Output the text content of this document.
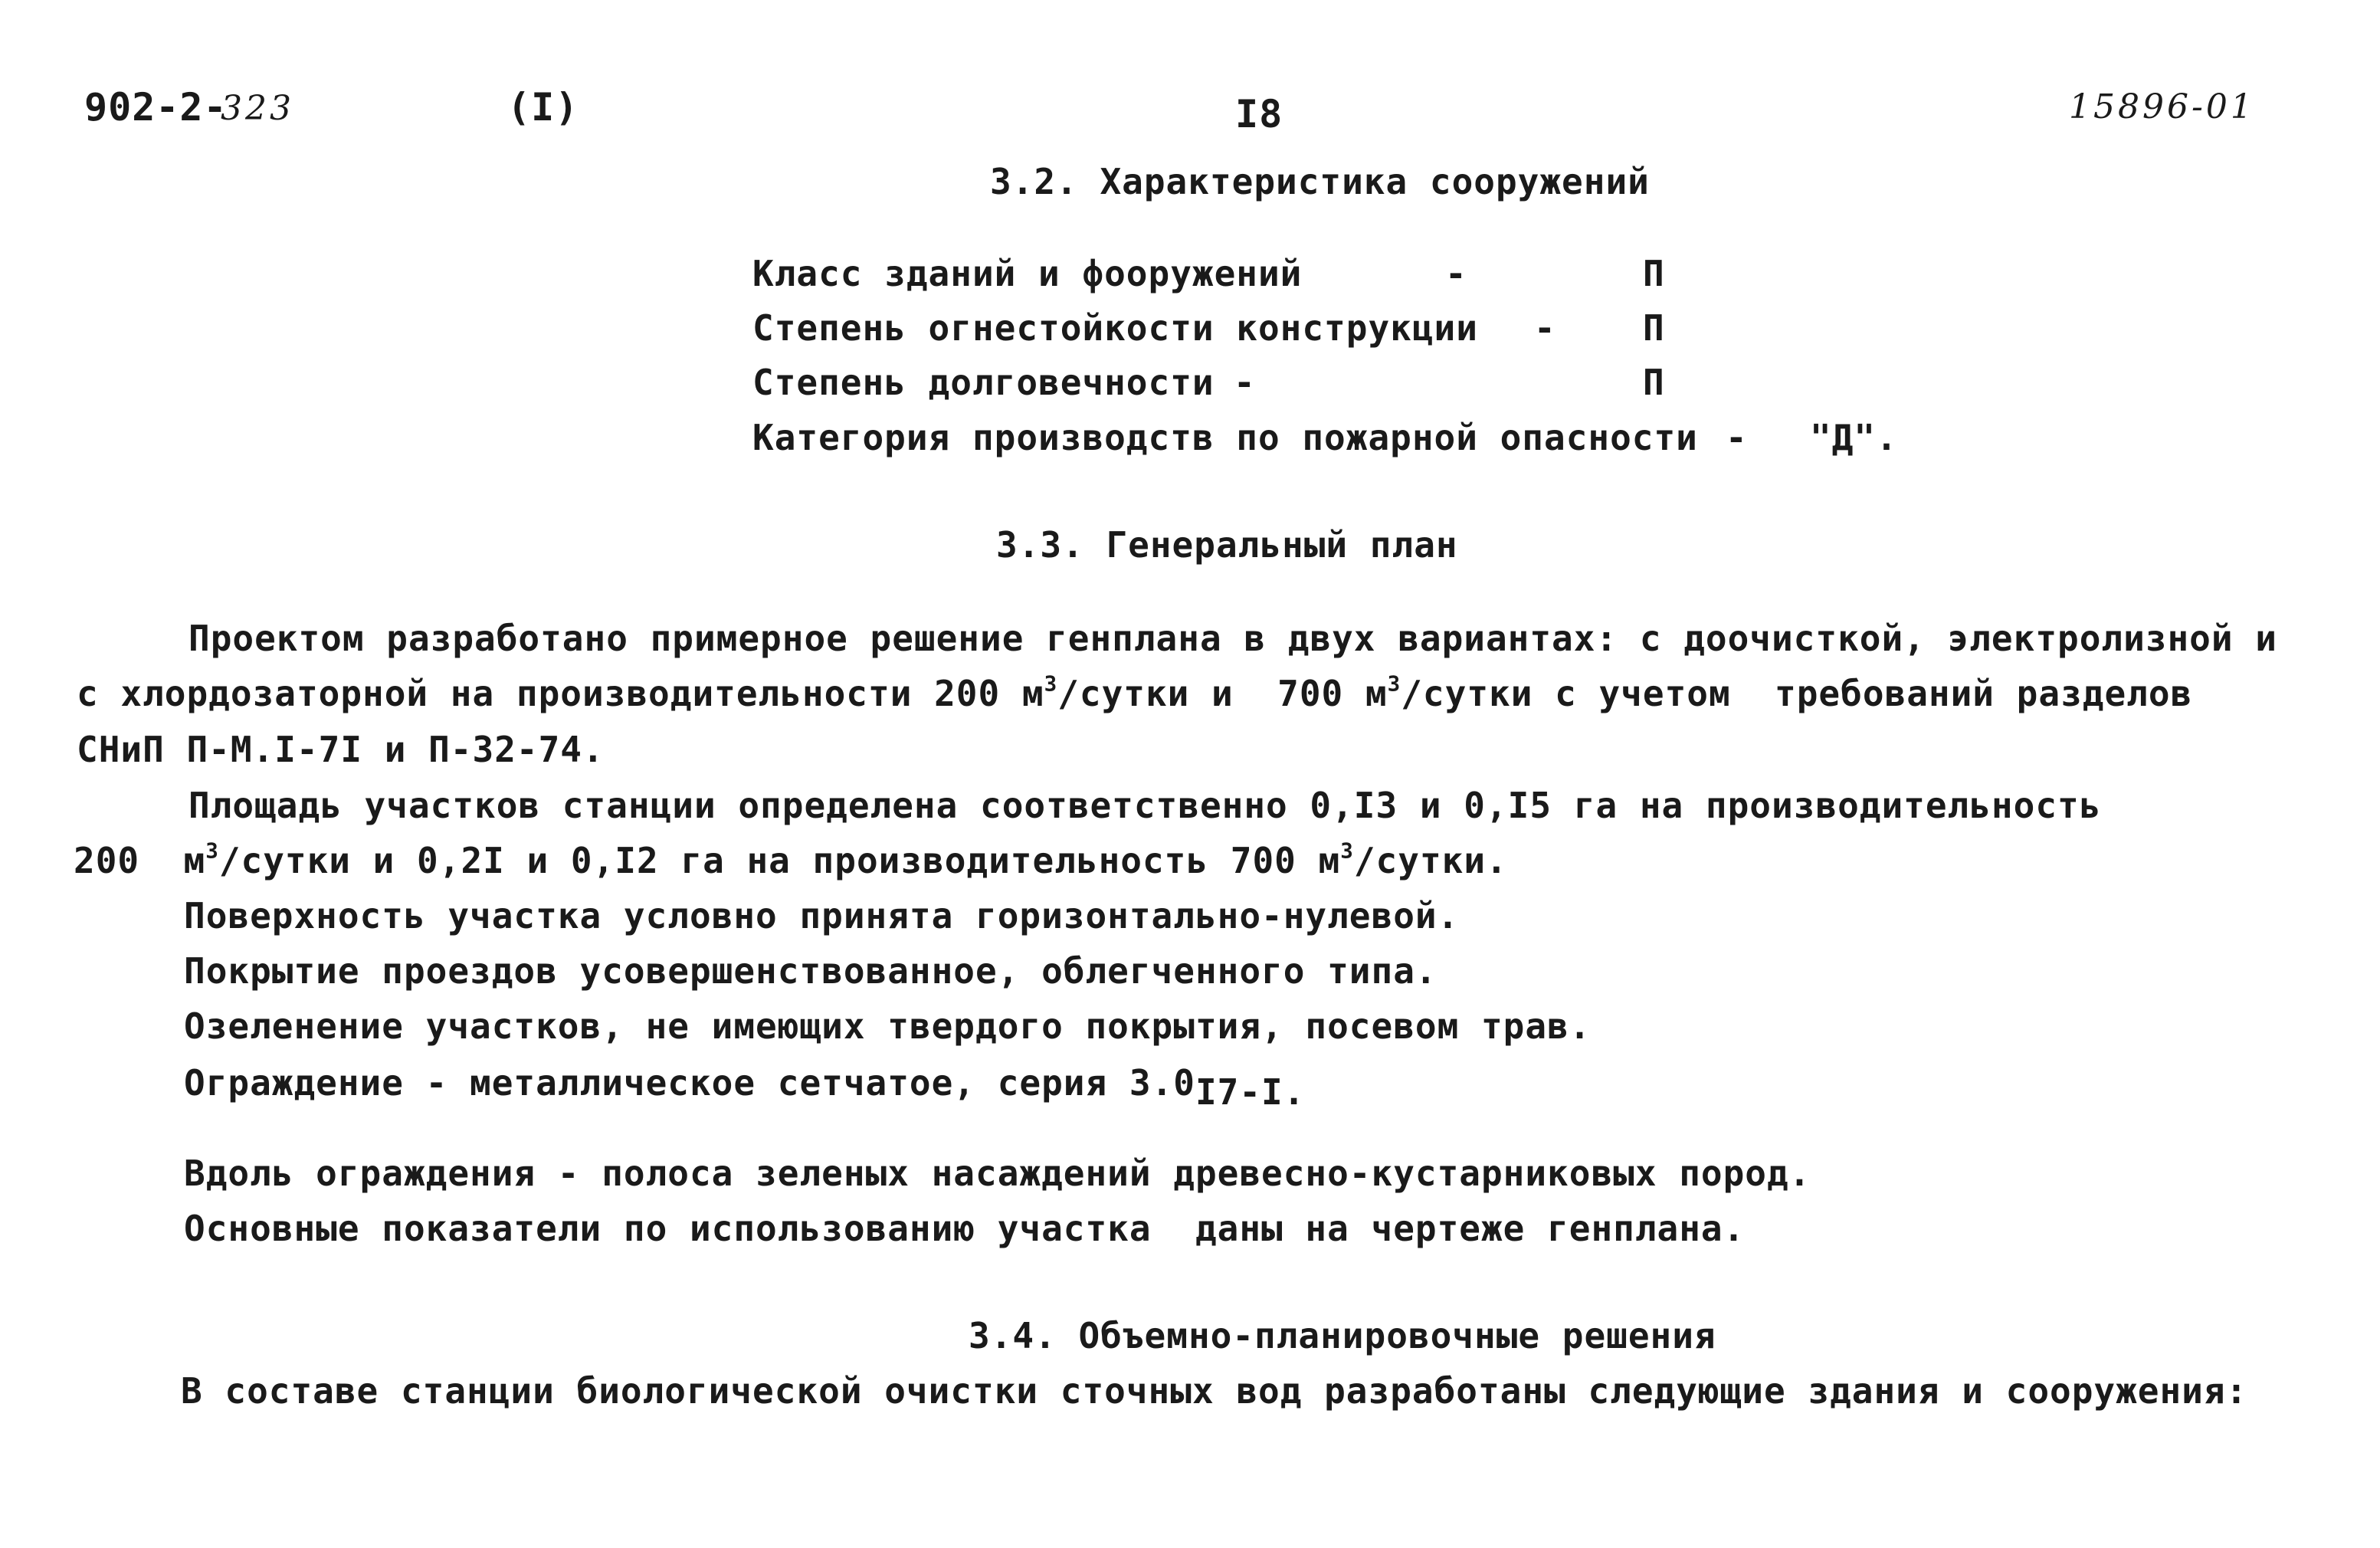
902-2-
323	(I)	I8	15896-01
3.2. Характеристика сооружений
Класс зданий и фооружений	-	П
Степень огнестойкости конструкции - П
Степень долговечности -	П
Категория производств по пожарной опасности - "Д".
3.3. Генеральный план
Проектом разработано примерное решение генплана в двух вариантах: с доочисткой, электролизной и
с хлордозаторной на производительности 200 $м^3$/сутки и  700 $м^3$/сутки с учетом  требований разделов
СНиП П-М.I-7I и П-32-74.
Площадь участков станции определена соответственно 0,I3 и 0,I5 га на производительность
200 $м^3$/сутки и 0,2I и 0,I2 га на производительность 700 $м^3$/сутки.
Поверхность участка условно принята горизонтально-нулевой.
Покрытие проездов усовершенствованное, облегченного типа.
Озеленение участков, не имеющих твердого покрытия, посевом трав.
Ограждение - металлическое сетчатое, серия 3.0I7-I.
Вдоль ограждения - полоса зеленых насаждений древесно-кустарниковых пород.
Основные показатели по использованию участка  даны на чертеже генплана.
3.4. Объемно-планировочные решения
В составе станции биологической очистки сточных вод разработаны следующие здания и сооружения:
